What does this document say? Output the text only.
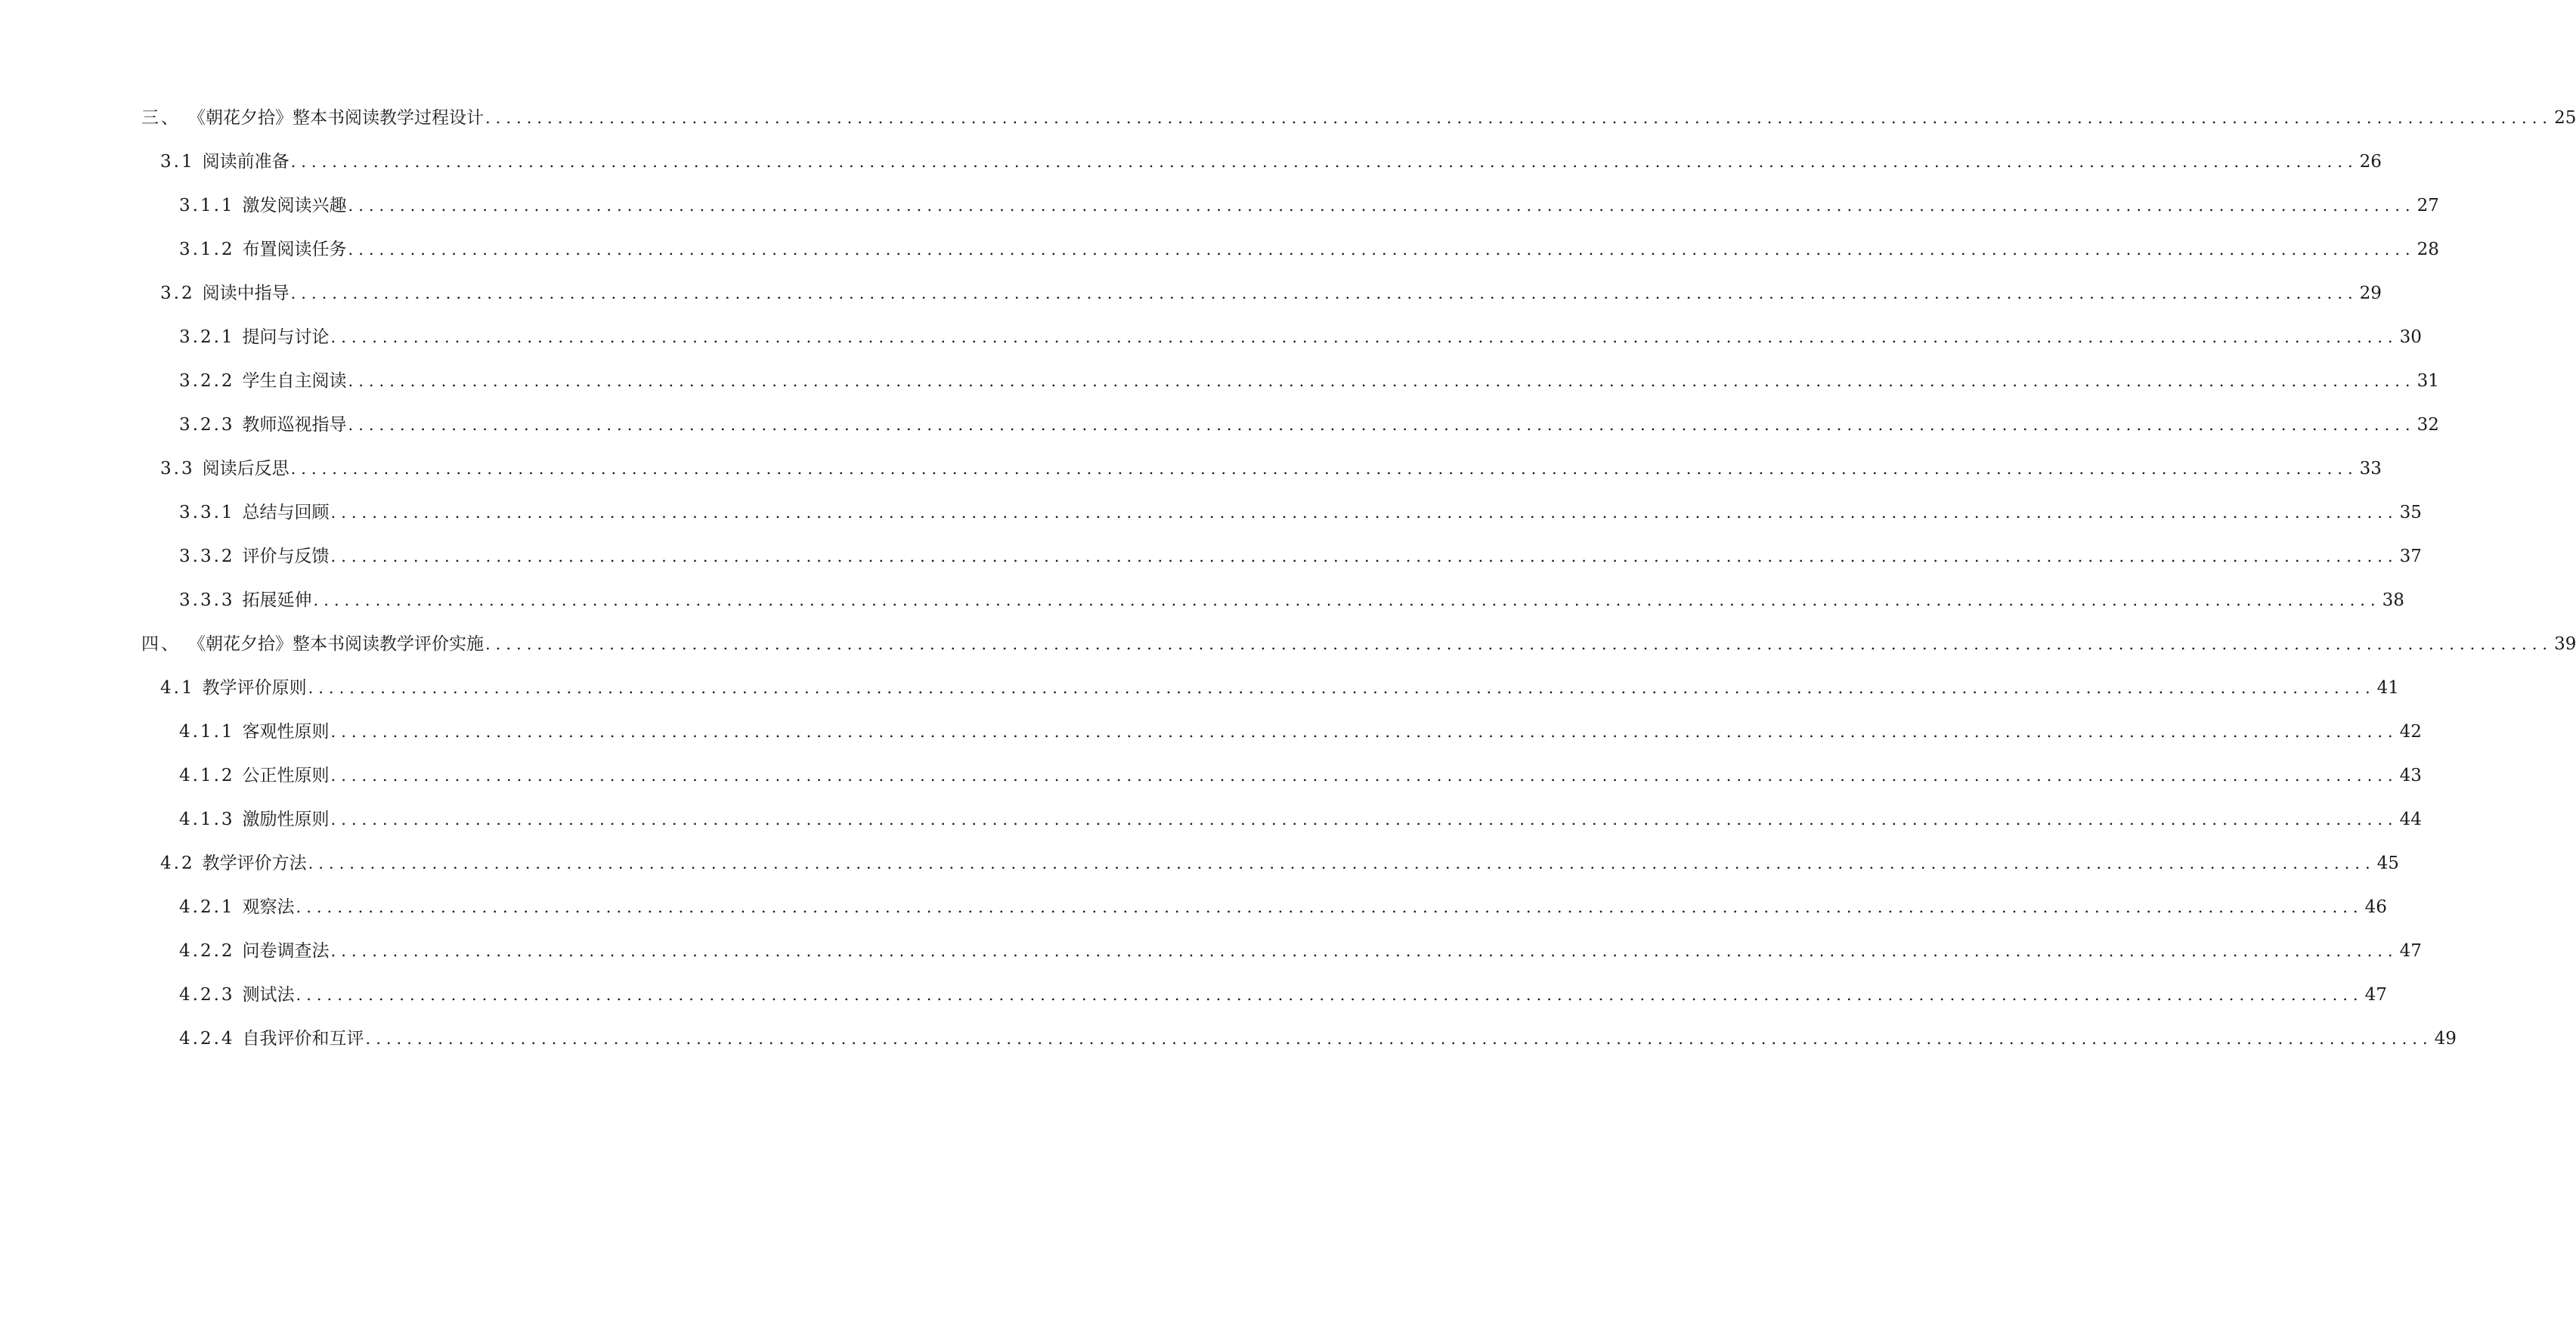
三、 《朝花夕拾》整本书阅读教学过程设计 ........................................................................................................................................................................................................ 25
3.1 阅读前准备 ........................................................................................................................................................................................................ 26
3.1.1 激发阅读兴趣 ........................................................................................................................................................................................................ 27
3.1.2 布置阅读任务 ........................................................................................................................................................................................................ 28
3.2 阅读中指导 ........................................................................................................................................................................................................ 29
3.2.1 提问与讨论 ........................................................................................................................................................................................................ 30
3.2.2 学生自主阅读 ........................................................................................................................................................................................................ 31
3.2.3 教师巡视指导 ........................................................................................................................................................................................................ 32
3.3 阅读后反思 ........................................................................................................................................................................................................ 33
3.3.1 总结与回顾 ........................................................................................................................................................................................................ 35
3.3.2 评价与反馈 ........................................................................................................................................................................................................ 37
3.3.3 拓展延伸 ........................................................................................................................................................................................................ 38
四、 《朝花夕拾》整本书阅读教学评价实施 ........................................................................................................................................................................................................ 39
4.1 教学评价原则 ........................................................................................................................................................................................................ 41
4.1.1 客观性原则 ........................................................................................................................................................................................................ 42
4.1.2 公正性原则 ........................................................................................................................................................................................................ 43
4.1.3 激励性原则 ........................................................................................................................................................................................................ 44
4.2 教学评价方法 ........................................................................................................................................................................................................ 45
4.2.1 观察法 ........................................................................................................................................................................................................ 46
4.2.2 问卷调查法 ........................................................................................................................................................................................................ 47
4.2.3 测试法 ........................................................................................................................................................................................................ 47
4.2.4 自我评价和互评 ........................................................................................................................................................................................................ 49
